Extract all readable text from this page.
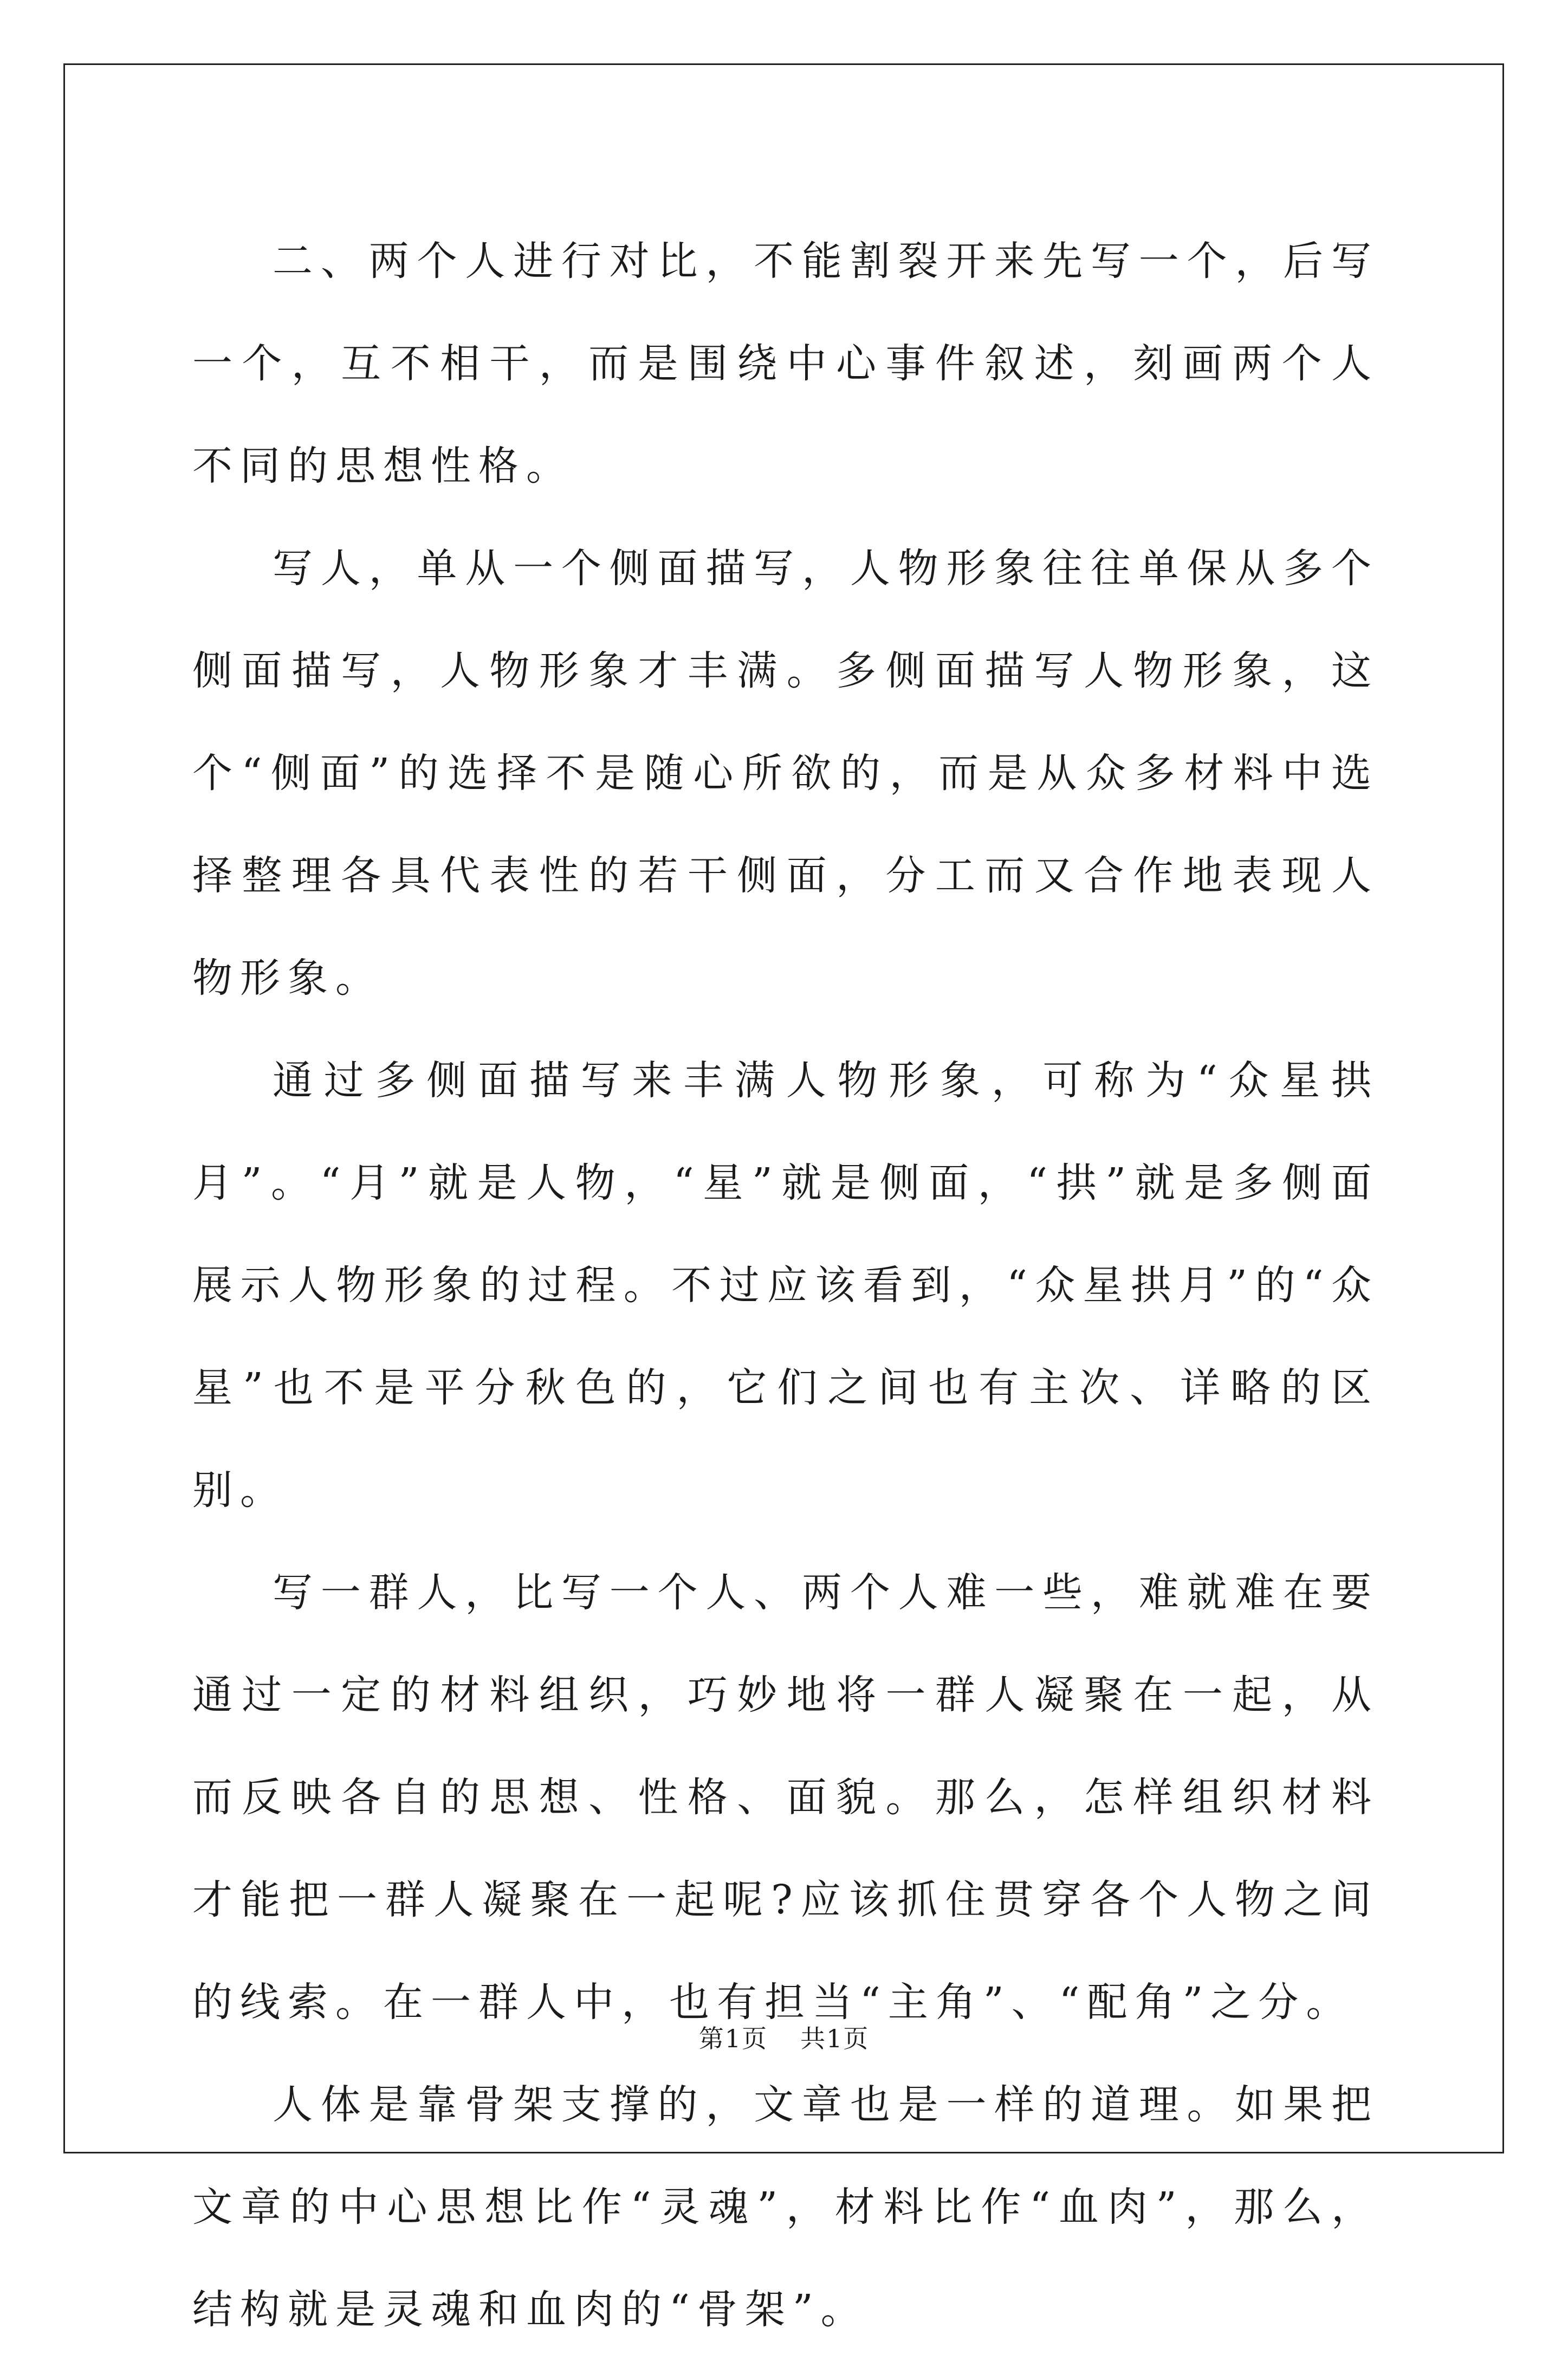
二、两个人进行对比，不能割裂开来先写一个，后写一个，互不相干，而是围绕中心事件叙述，刻画两个人不同的思想性格。

写人，单从一个侧面描写，人物形象往往单保从多个侧面描写，人物形象才丰满。多侧面描写人物形象，这个“侧面”的选择不是随心所欲的，而是从众多材料中选择整理各具代表性的若干侧面，分工而又合作地表现人物形象。

通过多侧面描写来丰满人物形象，可称为“众星拱月”。“月”就是人物，“星”就是侧面，“拱”就是多侧面展示人物形象的过程。不过应该看到，“众星拱月”的“众星”也不是平分秋色的，它们之间也有主次、详略的区别。

写一群人，比写一个人、两个人难一些，难就难在要通过一定的材料组织，巧妙地将一群人凝聚在一起，从而反映各自的思想、性格、面貌。那么，怎样组织材料才能把一群人凝聚在一起呢?应该抓住贯穿各个人物之间的线索。在一群人中，也有担当“主角”、“配角”之分。

人体是靠骨架支撑的，文章也是一样的道理。如果把文章的中心思想比作“灵魂”，材料比作“血肉”，那么，结构就是灵魂和血肉的“骨架”。

第1页 共1页
